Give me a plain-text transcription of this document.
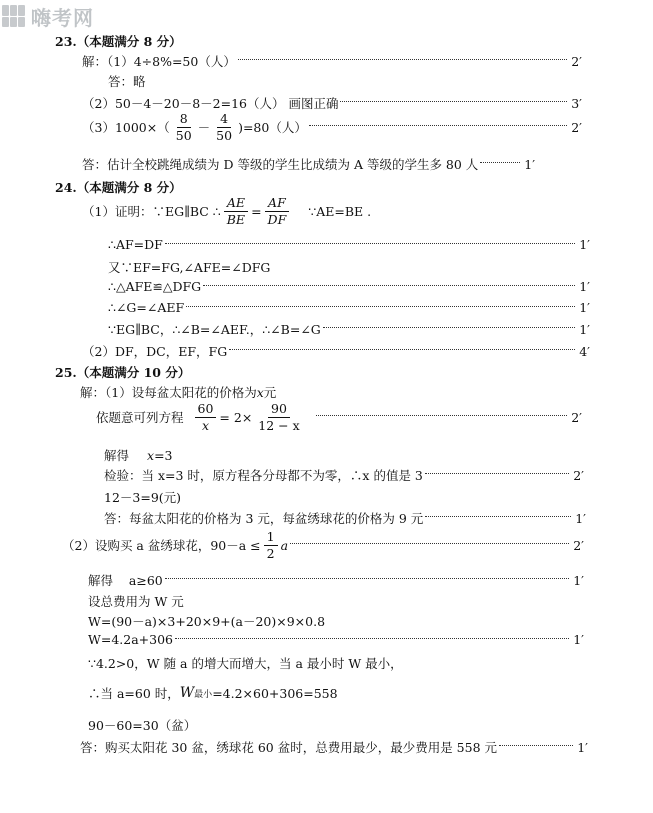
嗨考网
23.（本题满分 8 分）
解：（1）4÷8%=50（人）	2′
答：略
（2）50－4－20－8－2=16（人） 画图正确	3′
$(3)1000\times( \frac{8}{50} - \frac{4}{50} )=80$（人）	2′
答：估计全校跳绳成绩为 D 等级的学生比成绩为 A 等级的学生多 80 人	1′
24.（本题满分 8 分）
（1）证明：∵EG∥BC ∴ $\frac{AE}{BE} = \frac{AF}{DF}$ ∵AE=BE .
∴AF=DF	1′
又∵EF=FG,∠AFE=∠DFG
∴△AFE≌△DFG	1′
∴∠G=∠AEF	1′
∵EG∥BC，∴∠B=∠AEF.，∴∠B=∠G	1′
（2）DF，DC，EF，FG	4′
25.（本题满分 10 分）
解：（1）设每盆太阳花的价格为 x 元
依题意可列方程 $\frac{60}{x} = 2\times \frac{90}{12 - x}$	2′
解得 x =3
检验：当 x=3 时，原方程各分母都不为零，∴x 的值是 3	2′
12－3=9(元)
答：每盆太阳花的价格为 3 元，每盆绣球花的价格为 9 元	1′
（2）设购买 a 盆绣球花，$90-a \le \frac{1}{2}$ a	2′
解得    a≥60	1′
设总费用为 W 元
W=(90－a)×3+20×9+(a－20)×9×0.8
W=4.2a+306	1′
∵4.2>0，W 随 a 的增大而增大，当 a 最小时 W 最小，
∴当 a=60 时， W 最小 =4.2×60+306=558
90－60=30（盆）
答：购买太阳花 30 盆，绣球花 60 盆时，总费用最少，最少费用是 558 元	1′
